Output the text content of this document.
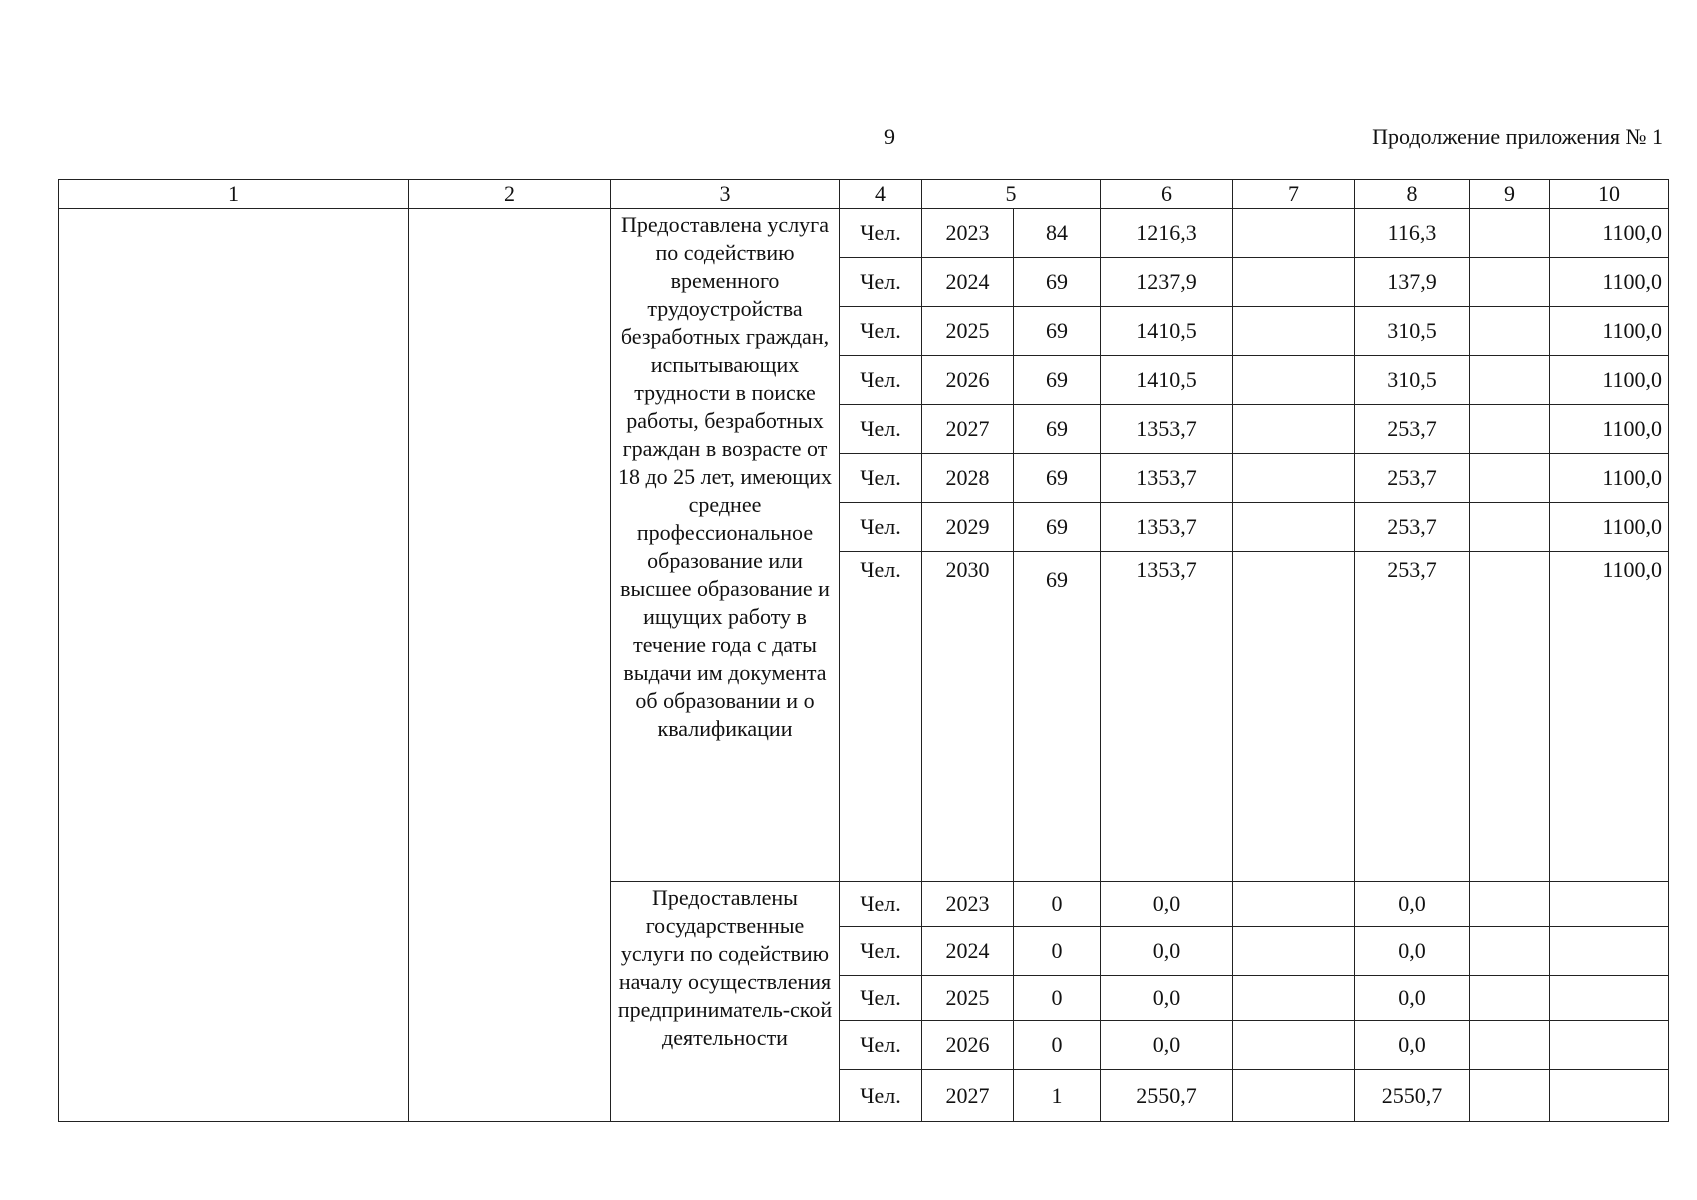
9	Продолжение приложения № 1
1	2	3	4	5		6	7	8	9	10
		Предоставлена услуга по содействию временного трудоустройства безработных граждан, испытывающих трудности в поиске работы, безработных граждан в возрасте от 18 до 25 лет, имеющих среднее профессиональное образование или высшее образование и ищущих работу в течение года с даты выдачи им документа об образовании и о квалификации	Чел.	2023	84	1216,3		116,3		1100,0
			Чел.	2024	69	1237,9		137,9		1100,0
			Чел.	2025	69	1410,5		310,5		1100,0
			Чел.	2026	69	1410,5		310,5		1100,0
			Чел.	2027	69	1353,7		253,7		1100,0
			Чел.	2028	69	1353,7		253,7		1100,0
			Чел.	2029	69	1353,7		253,7		1100,0
			Чел.	2030	69	1353,7		253,7		1100,0
		Предоставлены государственные услуги по содействию началу осуществления предприниматель-ской деятельности	Чел.	2023	0	0,0		0,0		
			Чел.	2024	0	0,0		0,0		
			Чел.	2025	0	0,0		0,0		
			Чел.	2026	0	0,0		0,0		
			Чел.	2027	1	2550,7		2550,7		
